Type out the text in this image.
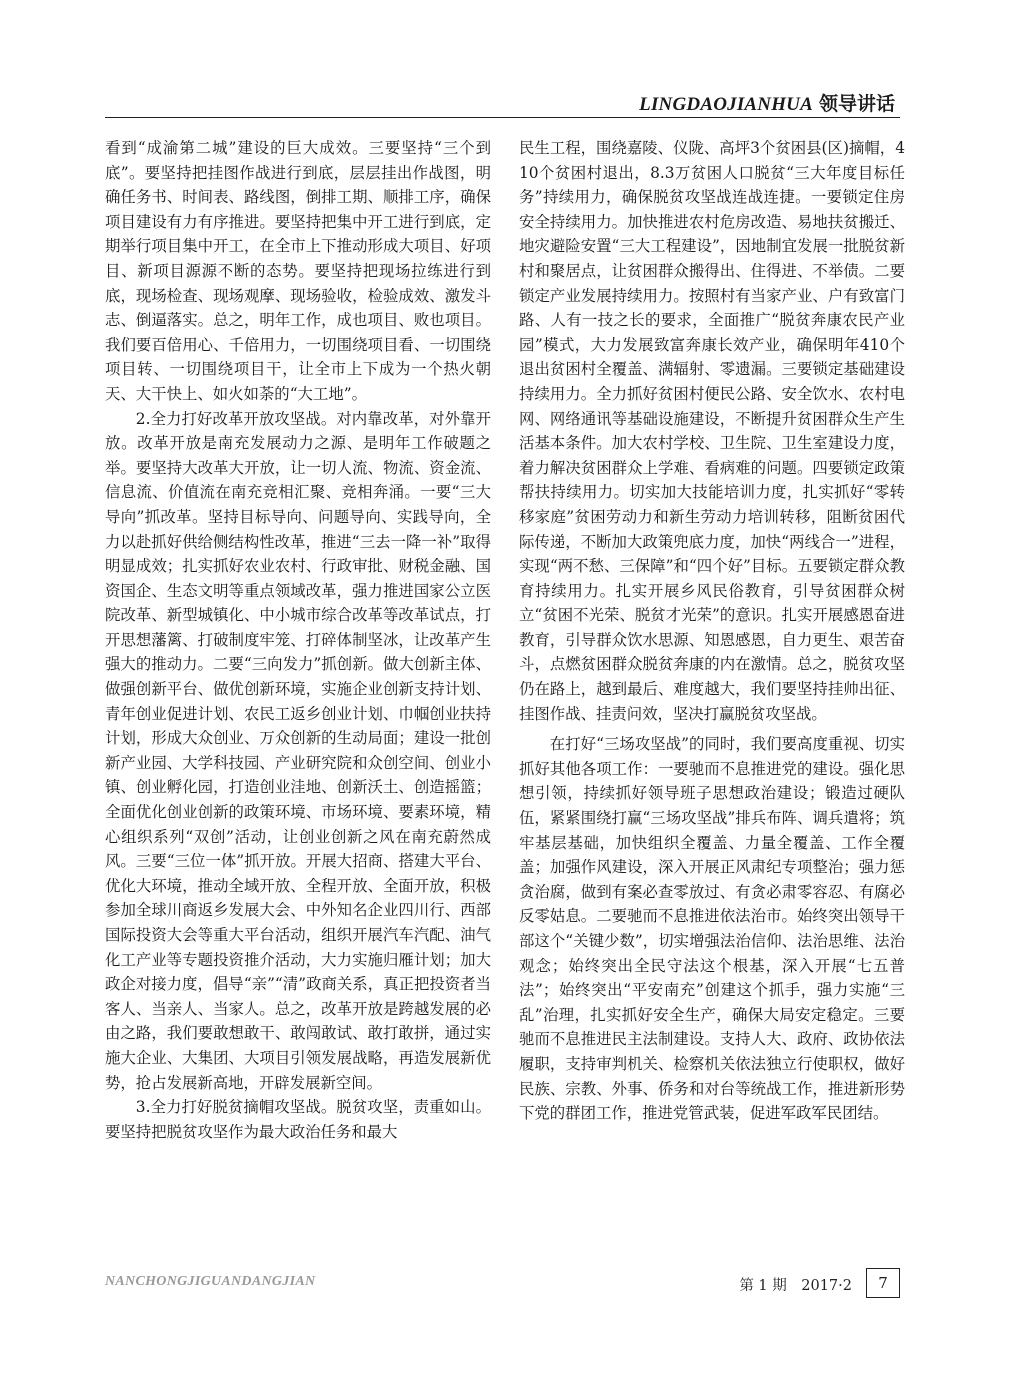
LINGDAOJIANHUA 领导讲话

看到“成渝第二城”建设的巨大成效。三要坚持“三个到底”。要坚持把挂图作战进行到底，层层挂出作战图，明确任务书、时间表、路线图，倒排工期、顺排工序，确保项目建设有力有序推进。要坚持把集中开工进行到底，定期举行项目集中开工，在全市上下推动形成大项目、好项目、新项目源源不断的态势。要坚持把现场拉练进行到底，现场检查、现场观摩、现场验收，检验成效、激发斗志、倒逼落实。总之，明年工作，成也项目、败也项目。我们要百倍用心、千倍用力，一切围绕项目看、一切围绕项目转、一切围绕项目干，让全市上下成为一个热火朝天、大干快上、如火如荼的“大工地”。

2.全力打好改革开放攻坚战。对内靠改革，对外靠开放。改革开放是南充发展动力之源、是明年工作破题之举。要坚持大改革大开放，让一切人流、物流、资金流、信息流、价值流在南充竞相汇聚、竞相奔涌。一要“三大导向”抓改革。坚持目标导向、问题导向、实践导向，全力以赴抓好供给侧结构性改革，推进“三去一降一补”取得明显成效；扎实抓好农业农村、行政审批、财税金融、国资国企、生态文明等重点领域改革，强力推进国家公立医院改革、新型城镇化、中小城市综合改革等改革试点，打开思想藩篱、打破制度牢笼、打碎体制坚冰，让改革产生强大的推动力。二要“三向发力”抓创新。做大创新主体、做强创新平台、做优创新环境，实施企业创新支持计划、青年创业促进计划、农民工返乡创业计划、巾帼创业扶持计划，形成大众创业、万众创新的生动局面；建设一批创新产业园、大学科技园、产业研究院和众创空间、创业小镇、创业孵化园，打造创业洼地、创新沃土、创造摇篮；全面优化创业创新的政策环境、市场环境、要素环境，精心组织系列“双创”活动，让创业创新之风在南充蔚然成风。三要“三位一体”抓开放。开展大招商、搭建大平台、优化大环境，推动全域开放、全程开放、全面开放，积极参加全球川商返乡发展大会、中外知名企业四川行、西部国际投资大会等重大平台活动，组织开展汽车汽配、油气化工产业等专题投资推介活动，大力实施归雁计划；加大政企对接力度，倡导“亲”“清”政商关系，真正把投资者当客人、当亲人、当家人。总之，改革开放是跨越发展的必由之路，我们要敢想敢干、敢闯敢试、敢打敢拼，通过实施大企业、大集团、大项目引领发展战略，再造发展新优势，抢占发展新高地，开辟发展新空间。

3.全力打好脱贫摘帽攻坚战。脱贫攻坚，责重如山。要坚持把脱贫攻坚作为最大政治任务和最大

民生工程，围绕嘉陵、仪陇、高坪3个贫困县(区)摘帽，410个贫困村退出，8.3万贫困人口脱贫“三大年度目标任务”持续用力，确保脱贫攻坚战连战连捷。一要锁定住房安全持续用力。加快推进农村危房改造、易地扶贫搬迁、地灾避险安置“三大工程建设”，因地制宜发展一批脱贫新村和聚居点，让贫困群众搬得出、住得进、不举债。二要锁定产业发展持续用力。按照村有当家产业、户有致富门路、人有一技之长的要求，全面推广“脱贫奔康农民产业园”模式，大力发展致富奔康长效产业，确保明年410个退出贫困村全覆盖、满辐射、零遗漏。三要锁定基础建设持续用力。全力抓好贫困村便民公路、安全饮水、农村电网、网络通讯等基础设施建设，不断提升贫困群众生产生活基本条件。加大农村学校、卫生院、卫生室建设力度，着力解决贫困群众上学难、看病难的问题。四要锁定政策帮扶持续用力。切实加大技能培训力度，扎实抓好“零转移家庭”贫困劳动力和新生劳动力培训转移，阻断贫困代际传递，不断加大政策兜底力度，加快“两线合一”进程，实现“两不愁、三保障”和“四个好”目标。五要锁定群众教育持续用力。扎实开展乡风民俗教育，引导贫困群众树立“贫困不光荣、脱贫才光荣”的意识。扎实开展感恩奋进教育，引导群众饮水思源、知恩感恩，自力更生、艰苦奋斗，点燃贫困群众脱贫奔康的内在激情。总之，脱贫攻坚仍在路上，越到最后、难度越大，我们要坚持挂帅出征、挂图作战、挂责问效，坚决打赢脱贫攻坚战。

在打好“三场攻坚战”的同时，我们要高度重视、切实抓好其他各项工作：一要驰而不息推进党的建设。强化思想引领，持续抓好领导班子思想政治建设；锻造过硬队伍，紧紧围绕打赢“三场攻坚战”排兵布阵、调兵遣将；筑牢基层基础，加快组织全覆盖、力量全覆盖、工作全覆盖；加强作风建设，深入开展正风肃纪专项整治；强力惩贪治腐，做到有案必查零放过、有贪必肃零容忍、有腐必反零姑息。二要驰而不息推进依法治市。始终突出领导干部这个“关键少数”，切实增强法治信仰、法治思维、法治观念；始终突出全民守法这个根基，深入开展“七五普法”；始终突出“平安南充”创建这个抓手，强力实施“三乱”治理，扎实抓好安全生产，确保大局安定稳定。三要驰而不息推进民主法制建设。支持人大、政府、政协依法履职，支持审判机关、检察机关依法独立行使职权，做好民族、宗教、外事、侨务和对台等统战工作，推进新形势下党的群团工作，推进党管武装，促进军政军民团结。

NANCHONGJIGUANDANGJIAN	第 1 期　2017·2	7
